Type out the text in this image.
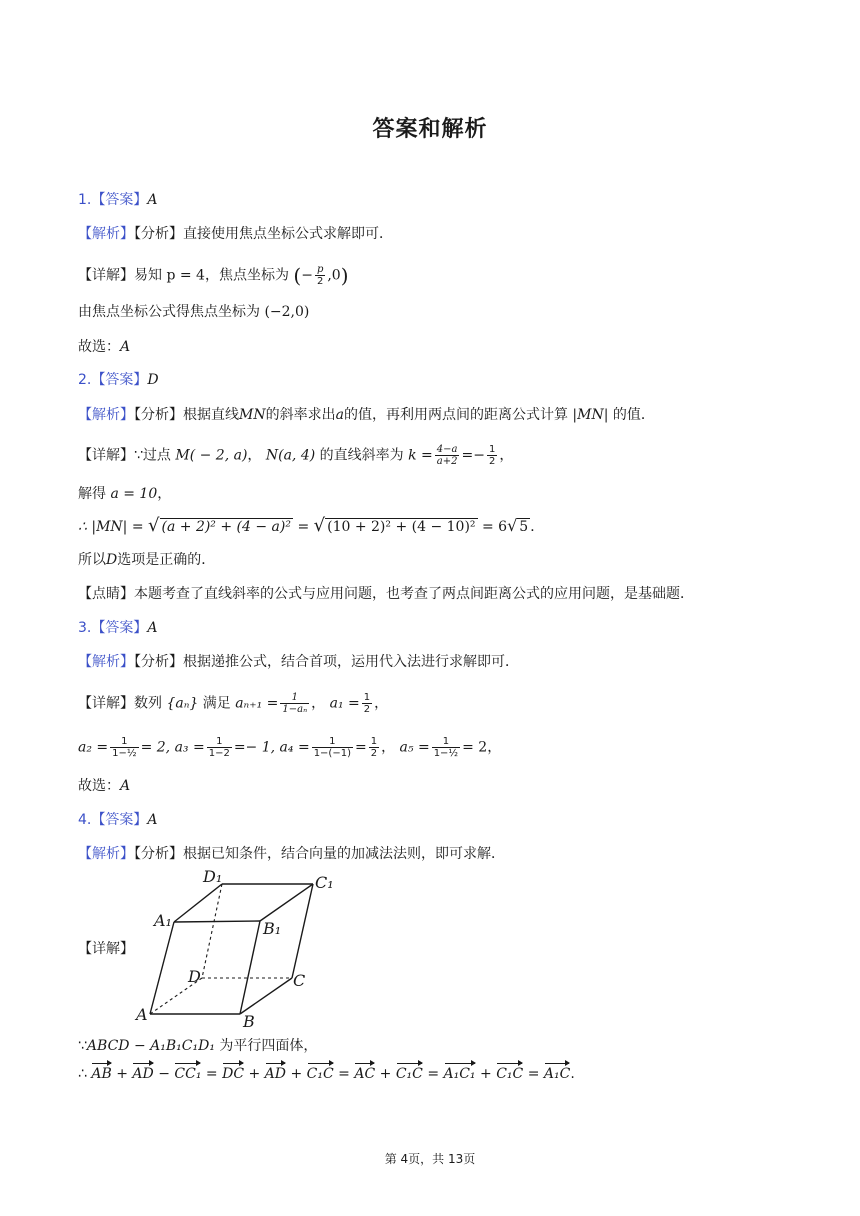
答案和解析
1.【答案】A
【解析】【分析】直接使用焦点坐标公式求解即可．
【详解】易知 p = 4，焦点坐标为 (− $\frac{p}{2} ,0$)
由焦点坐标公式得焦点坐标为 (−2,0)
故选：A
2.【答案】D
【解析】【分析】根据直线MN的斜率求出a的值，再利用两点间的距离公式计算 |MN| 的值．
【详解】∵过点 M( − 2, a)， N(a, 4) 的直线斜率为 $k = \frac{4-a}{a+2} =- \frac{1}{2}$ ，
解得 a = 10，
∴ |MN| = √ (a + 2)² + (4 − a)² = √ (10 + 2)² + (4 − 10)² = 6√ 5 ．
所以D选项是正确的．
【点睛】本题考查了直线斜率的公式与应用问题，也考查了两点间距离公式的应用问题，是基础题．
3.【答案】A
【解析】【分析】根据递推公式，结合首项，运用代入法进行求解即可．
【详解】数列 {aₙ} 满足 $a_{n+1} = \frac{1}{\text{1−aₙ}}$ ， $a_1 = \frac{1}{2}$ ，
$a_2 = \frac{1}{\text{1−½}} = 2$, $a_3 = \frac{1}{1-2} =- 1$, $a_4 = \frac{1}{1-(-1)} = \frac{1}{2}$ ， $a_5 = \frac{1}{\text{1−½}} = 2$，
故选：A
4.【答案】A
【解析】【分析】根据已知条件，结合向量的加减法法则，即可求解．
【详解】
D₁	C₁
A₁	B₁
D	C
A	B
∵ABCD − A₁B₁C₁D₁ 为平行四面体，
∴ AB + AD − CC₁ = DC + AD + C₁C = AC + C₁C = A₁C₁ + C₁C = A₁C.
第 4页，共 13页
